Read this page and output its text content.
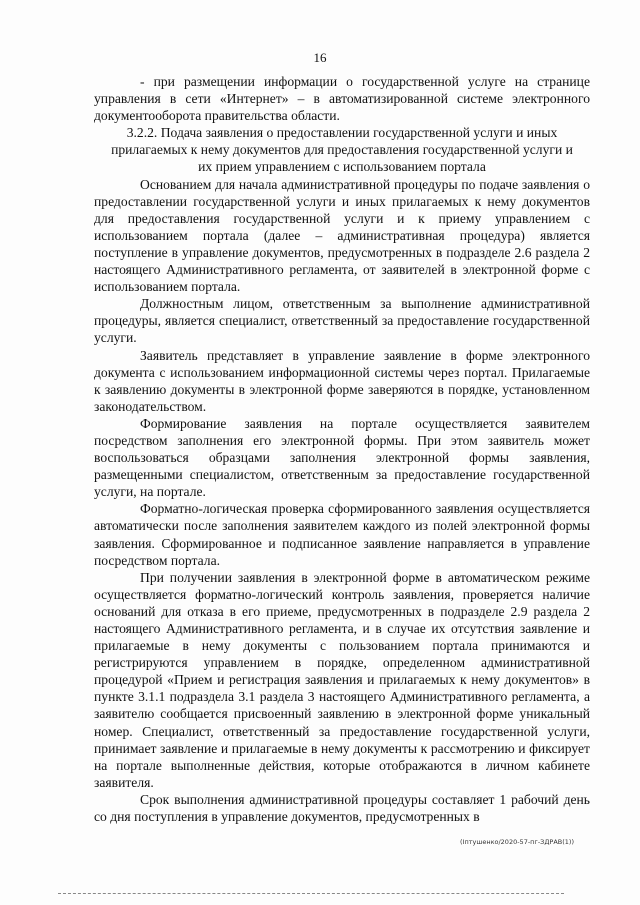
16

- при размещении информации о государственной услуге на странице управления в сети «Интернет» – в автоматизированной системе электронного документооборота правительства области.

3.2.2. Подача заявления о предоставлении государственной услуги и иных прилагаемых к нему документов для предоставления государственной услуги и их прием управлением с использованием портала

Основанием для начала административной процедуры по подаче заявления о предоставлении государственной услуги и иных прилагаемых к нему документов для предоставления государственной услуги и к приему управлением с использованием портала (далее – административная процедура) является поступление в управление документов, предусмотренных в подразделе 2.6 раздела 2 настоящего Административного регламента, от заявителей в электронной форме с использованием портала.

Должностным лицом, ответственным за выполнение административной процедуры, является специалист, ответственный за предоставление государственной услуги.

Заявитель представляет в управление заявление в форме электронного документа с использованием информационной системы через портал. Прилагаемые к заявлению документы в электронной форме заверяются в порядке, установленном законодательством.

Формирование заявления на портале осуществляется заявителем посредством заполнения его электронной формы. При этом заявитель может воспользоваться образцами заполнения электронной формы заявления, размещенными специалистом, ответственным за предоставление государственной услуги, на портале.

Форматно-логическая проверка сформированного заявления осуществляется автоматически после заполнения заявителем каждого из полей электронной формы заявления. Сформированное и подписанное заявление направляется в управление посредством портала.

При получении заявления в электронной форме в автоматическом режиме осуществляется форматно-логический контроль заявления, проверяется наличие оснований для отказа в его приеме, предусмотренных в подразделе 2.9 раздела 2 настоящего Административного регламента, и в случае их отсутствия заявление и прилагаемые в нему документы с пользованием портала принимаются и регистрируются управлением в порядке, определенном административной процедурой «Прием и регистрация заявления и прилагаемых к нему документов» в пункте 3.1.1 подраздела 3.1 раздела 3 настоящего Административного регламента, а заявителю сообщается присвоенный заявлению в электронной форме уникальный номер. Специалист, ответственный за предоставление государственной услуги, принимает заявление и прилагаемые в нему документы к рассмотрению и фиксирует на портале выполненные действия, которые отображаются в личном кабинете заявителя.

Срок выполнения административной процедуры составляет 1 рабочий день со дня поступления в управление документов, предусмотренных в

(Іптушенко/2020-57-пг-ЗДРАВ(1))
